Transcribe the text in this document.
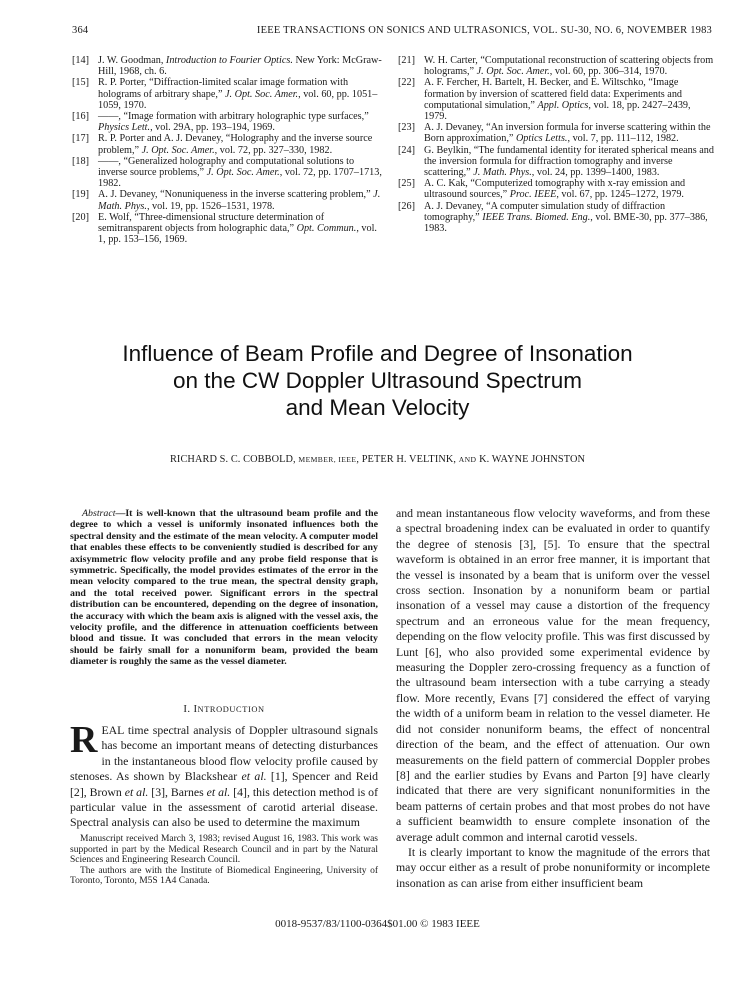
364	IEEE TRANSACTIONS ON SONICS AND ULTRASONICS, VOL. SU-30, NO. 6, NOVEMBER 1983
[14] J. W. Goodman, Introduction to Fourier Optics. New York: McGraw-Hill, 1968, ch. 6.
[15] R. P. Porter, “Diffraction-limited scalar image formation with holograms of arbitrary shape,” J. Opt. Soc. Amer., vol. 60, pp. 1051–1059, 1970.
[16] ——, “Image formation with arbitrary holographic type surfaces,” Physics Lett., vol. 29A, pp. 193–194, 1969.
[17] R. P. Porter and A. J. Devaney, “Holography and the inverse source problem,” J. Opt. Soc. Amer., vol. 72, pp. 327–330, 1982.
[18] ——, “Generalized holography and computational solutions to inverse source problems,” J. Opt. Soc. Amer., vol. 72, pp. 1707–1713, 1982.
[19] A. J. Devaney, “Nonuniqueness in the inverse scattering problem,” J. Math. Phys., vol. 19, pp. 1526–1531, 1978.
[20] E. Wolf, “Three-dimensional structure determination of semitransparent objects from holographic data,” Opt. Commun., vol. 1, pp. 153–156, 1969.
[21] W. H. Carter, “Computational reconstruction of scattering objects from holograms,” J. Opt. Soc. Amer., vol. 60, pp. 306–314, 1970.
[22] A. F. Fercher, H. Bartelt, H. Becker, and E. Wiltschko, “Image formation by inversion of scattered field data: Experiments and computational simulation,” Appl. Optics, vol. 18, pp. 2427–2439, 1979.
[23] A. J. Devaney, “An inversion formula for inverse scattering within the Born approximation,” Optics Letts., vol. 7, pp. 111–112, 1982.
[24] G. Beylkin, “The fundamental identity for iterated spherical means and the inversion formula for diffraction tomography and inverse scattering,” J. Math. Phys., vol. 24, pp. 1399–1400, 1983.
[25] A. C. Kak, “Computerized tomography with x-ray emission and ultrasound sources,” Proc. IEEE, vol. 67, pp. 1245–1272, 1979.
[26] A. J. Devaney, “A computer simulation study of diffraction tomography,” IEEE Trans. Biomed. Eng., vol. BME-30, pp. 377–386, 1983.
Influence of Beam Profile and Degree of Insonation
on the CW Doppler Ultrasound Spectrum
and Mean Velocity
RICHARD S. C. COBBOLD, MEMBER, IEEE, PETER H. VELTINK, AND K. WAYNE JOHNSTON

Abstract—It is well-known that the ultrasound beam profile and the degree to which a vessel is uniformly insonated influences both the spectral density and the estimate of the mean velocity. A computer model that enables these effects to be conveniently studied is described for any axisymmetric flow velocity profile and any probe field response that is symmetric. Specifically, the model provides estimates of the error in the mean velocity compared to the true mean, the spectral density graph, and the total received power. Significant errors in the spectral distribution can be encountered, depending on the degree of insonation, the accuracy with which the beam axis is aligned with the vessel axis, the velocity profile, and the difference in attenuation coefficients between blood and tissue. It was concluded that errors in the mean velocity should be fairly small for a nonuniform beam, provided the beam diameter is roughly the same as the vessel diameter.

I. INTRODUCTION

REAL time spectral analysis of Doppler ultrasound signals has become an important means of detecting disturbances in the instantaneous blood flow velocity profile caused by stenoses. As shown by Blackshear et al. [1], Spencer and Reid [2], Brown et al. [3], Barnes et al. [4], this detection method is of particular value in the assessment of carotid arterial disease. Spectral analysis can also be used to determine the maximum

Manuscript received March 3, 1983; revised August 16, 1983. This work was supported in part by the Medical Research Council and in part by the Natural Sciences and Engineering Research Council.

The authors are with the Institute of Biomedical Engineering, University of Toronto, Toronto, M5S 1A4 Canada.

and mean instantaneous flow velocity waveforms, and from these a spectral broadening index can be evaluated in order to quantify the degree of stenosis [3], [5]. To ensure that the spectral waveform is obtained in an error free manner, it is important that the vessel is insonated by a beam that is uniform over the vessel cross section. Insonation by a nonuniform beam or partial insonation of a vessel may cause a distortion of the frequency spectrum and an erroneous value for the mean frequency, depending on the flow velocity profile. This was first discussed by Lunt [6], who also provided some experimental evidence by measuring the Doppler zero-crossing frequency as a function of the ultrasound beam intersection with a tube carrying a steady flow. More recently, Evans [7] considered the effect of varying the width of a uniform beam in relation to the vessel diameter. He did not consider nonuniform beams, the effect of noncentral direction of the beam, and the effect of attenuation. Our own measurements on the field pattern of commercial Doppler probes [8] and the earlier studies by Evans and Parton [9] have clearly indicated that there are very significant nonuniformities in the beam patterns of certain probes and that most probes do not have a sufficient beamwidth to ensure complete insonation of the average adult common and internal carotid vessels.

It is clearly important to know the magnitude of the errors that may occur either as a result of probe nonuniformity or incomplete insonation as can arise from either insufficient beam

0018-9537/83/1100-0364$01.00 © 1983 IEEE
